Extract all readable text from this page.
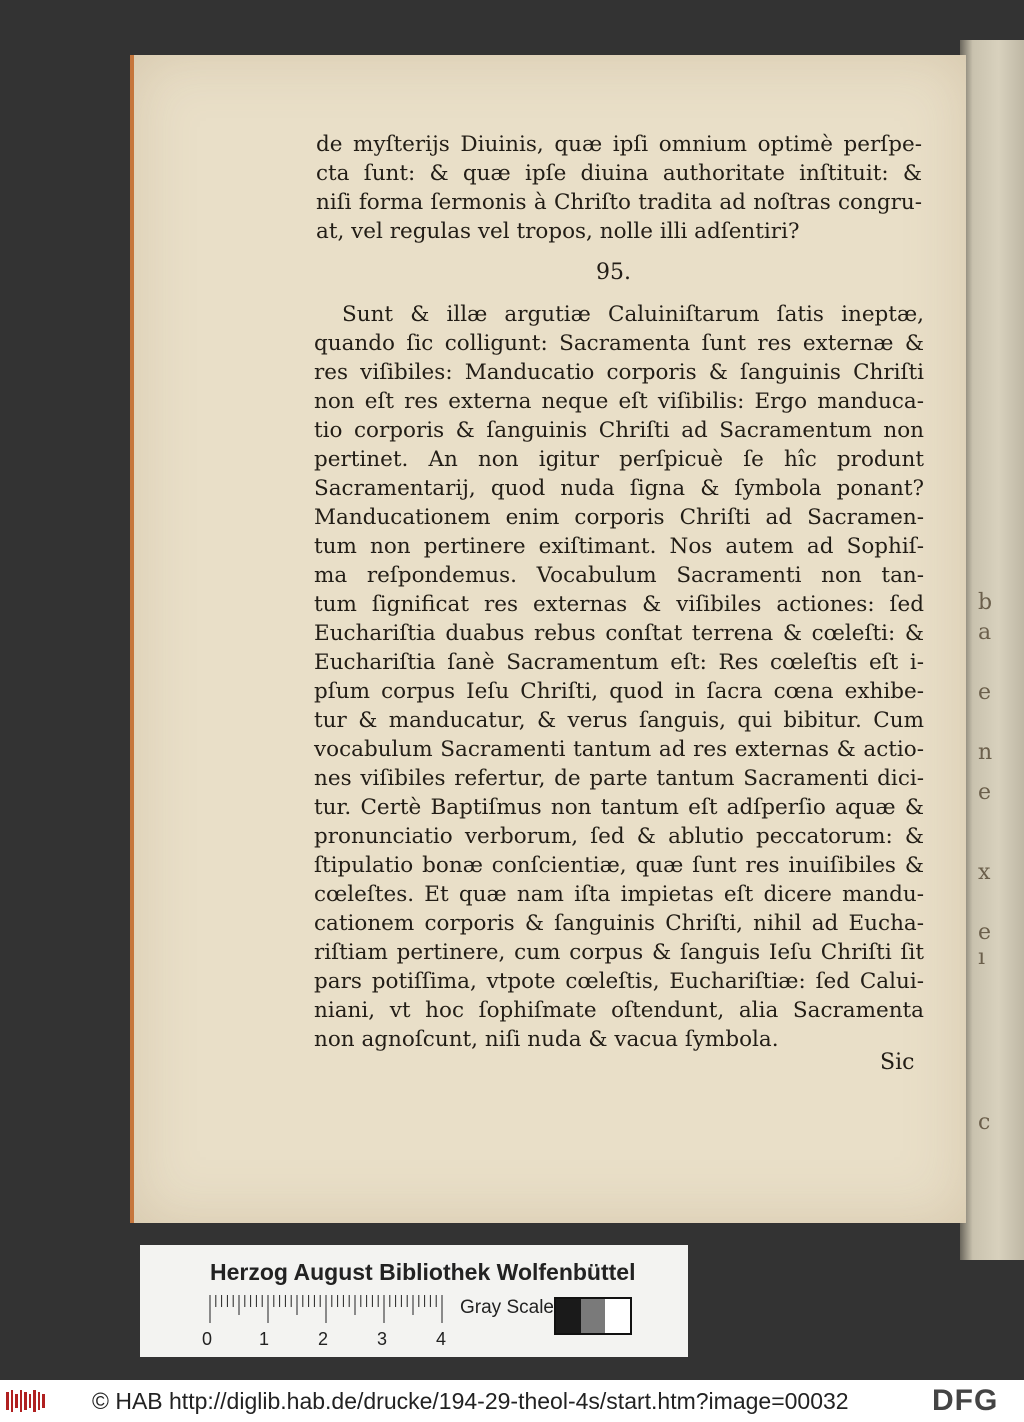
b
a
e
n
e
x
e
ı
c
de myſterijs Diuinis, quæ ipſi omnium optimè perſpe-
cta ſunt: & quæ ipſe diuina authoritate inſtituit: &
niſi forma ſermonis à Chriſto tradita ad noſtras congru-
at, vel regulas vel tropos, nolle illi adſentiri?
95.
Sunt & illæ argutiæ Caluiniſtarum ſatis ineptæ,
quando ſic colligunt: Sacramenta ſunt res externæ &
res viſibiles: Manducatio corporis & ſanguinis Chriſti
non eſt res externa neque eſt viſibilis: Ergo manduca-
tio corporis & ſanguinis Chriſti ad Sacramentum non
pertinet. An non igitur perſpicuè ſe hîc produnt
Sacramentarij, quod nuda ſigna & ſymbola ponant?
Manducationem enim corporis Chriſti ad Sacramen-
tum non pertinere exiſtimant. Nos autem ad Sophiſ-
ma reſpondemus. Vocabulum Sacramenti non tan-
tum ſignificat res externas & viſibiles actiones: ſed
Euchariſtia duabus rebus conſtat terrena & cœleſti: &
Euchariſtia ſanè Sacramentum eſt: Res cœleſtis eſt i-
pſum corpus Ieſu Chriſti, quod in ſacra cœna exhibe-
tur & manducatur, & verus ſanguis, qui bibitur. Cum
vocabulum Sacramenti tantum ad res externas & actio-
nes viſibiles refertur, de parte tantum Sacramenti dici-
tur. Certè Baptiſmus non tantum eſt adſperſio aquæ &
pronunciatio verborum, ſed & ablutio peccatorum: &
ſtipulatio bonæ conſcientiæ, quæ ſunt res inuiſibiles &
cœleſtes. Et quæ nam iſta impietas eſt dicere mandu-
cationem corporis & ſanguinis Chriſti, nihil ad Eucha-
riſtiam pertinere, cum corpus & ſanguis Ieſu Chriſti ſit
pars potiſſima, vtpote cœleſtis, Euchariſtiæ: ſed Calui-
niani, vt hoc ſophiſmate oſtendunt, alia Sacramenta
non agnoſcunt, niſi nuda & vacua ſymbola.
Sic
Herzog August Bibliothek Wolfenbüttel
Gray Scale
0	1	2	3	4
© HAB http://diglib.hab.de/drucke/194-29-theol-4s/start.htm?image=00032	DFG
